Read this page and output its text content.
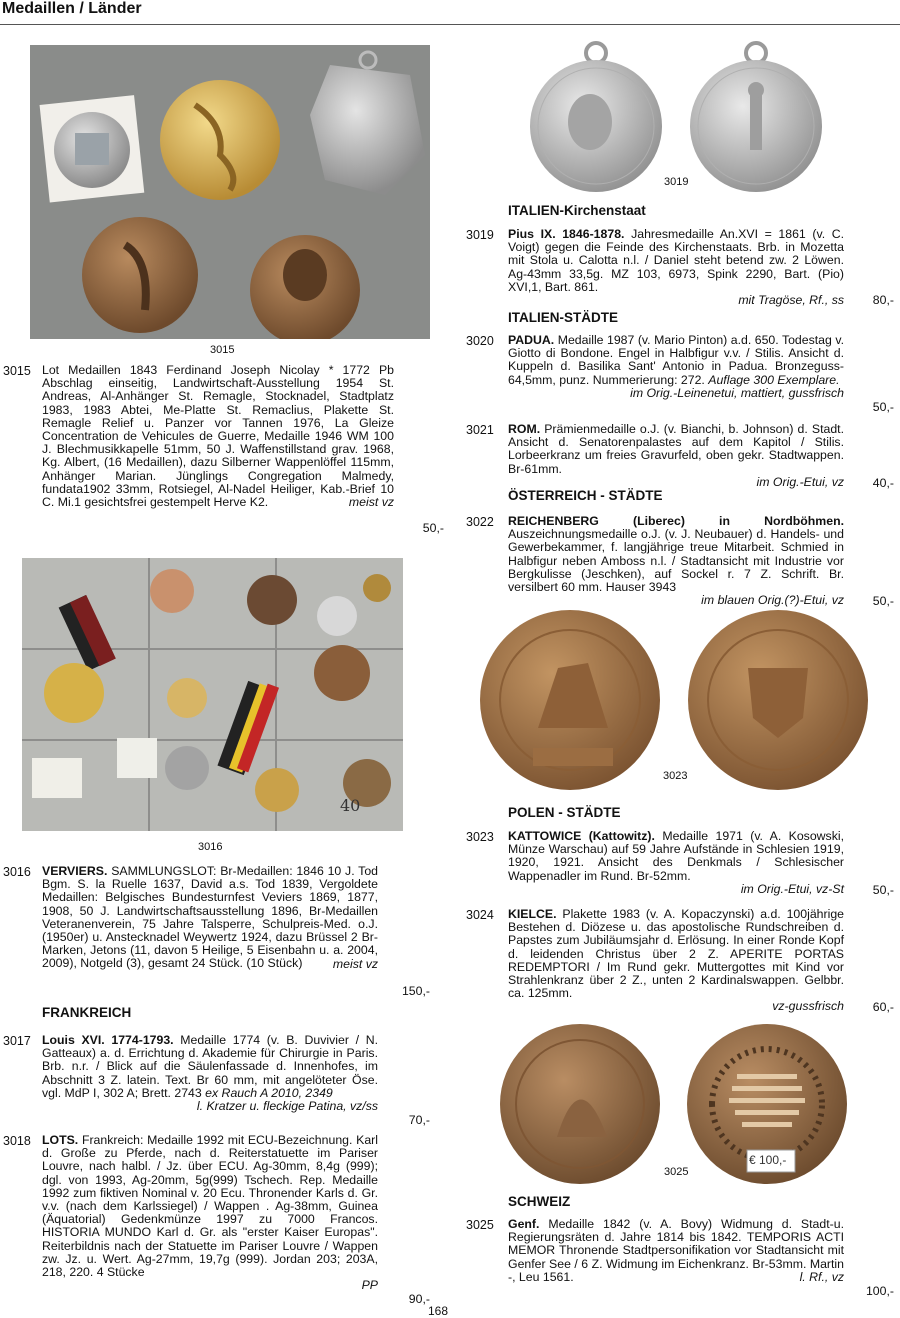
Medaillen / Länder
3015
3015 Lot Medaillen 1843 Ferdinand Joseph Nicolay * 1772 Pb Abschlag einseitig, Landwirtschaft-Ausstellung 1954 St. Andreas, Al-Anhänger St. Remagle, Stocknadel, Stadtplatz 1983, 1983 Abtei, Me-Platte St. Remaclius, Plakette St. Remagle Relief u. Panzer vor Tannen 1976, La Gleize Concentration de Vehicules de Guerre, Medaille 1946 WM 100 J. Blechmusikkapelle 51mm, 50 J. Waffenstillstand grav. 1968, Kg. Albert, (16 Medaillen), dazu Silberner Wappenlöffel 115mm, Anhänger Marian. Jünglings Congregation Malmedy, fundata1902 33mm, Rotsiegel, Al-Nadel Heiliger, Kab.-Brief 10 C. Mi.1 gesichtsfrei gestempelt Herve K2.	meist vz
50,-
40
3016
3016 VERVIERS. SAMMLUNGSLOT: Br-Medaillen: 1846 10 J. Tod Bgm. S. la Ruelle 1637, David a.s. Tod 1839, Vergoldete Medaillen: Belgisches Bundesturnfest Veviers 1869, 1877, 1908, 50 J. Landwirtschaftsausstellung 1896, Br-Medaillen Veteranenverein, 75 Jahre Talsperre, Schulpreis-Med. o.J. (1950er) u. Anstecknadel Weywertz 1924, dazu Brüssel 2 Br-Marken, Jetons (11, davon 5 Heilige, 5 Eisenbahn u. a. 2004, 2009), Notgeld (3), gesamt 24 Stück. (10 Stück) meist vz
150,-
FRANKREICH
3017 Louis XVI. 1774-1793. Medaille 1774 (v. B. Duvivier / N. Gatteaux) a. d. Errichtung d. Akademie für Chirurgie in Paris. Brb. n.r. / Blick auf die Säulenfassade d. Innenhofes, im Abschnitt 3 Z. latein. Text. Br 60 mm, mit angelöteter Öse. vgl. MdP I, 302 A; Brett. 2743 ex Rauch A 2010, 2349
l. Kratzer u. fleckige Patina, vz/ss
70,-
3018 LOTS. Frankreich: Medaille 1992 mit ECU-Bezeichnung. Karl d. Große zu Pferde, nach d. Reiterstatuette im Pariser Louvre, nach halbl. / Jz. über ECU. Ag-30mm, 8,4g (999); dgl. von 1993, Ag-20mm, 5g(999) Tschech. Rep. Medaille 1992 zum fiktiven Nominal v. 20 Ecu. Thronender Karls d. Gr. v.v. (nach dem Karlssiegel) / Wappen . Ag-38mm, Guinea (Äquatorial) Gedenkmünze 1997 zu 7000 Francos. HISTORIA MUNDO Karl d. Gr. als "erster Kaiser Europas". Reiterbildnis nach der Statuette im Pariser Louvre / Wappen zw. Jz. u. Wert. Ag-27mm, 19,7g (999). Jordan 203; 203A, 218, 220. 4 Stücke
PP
90,-
168
3019
ITALIEN-Kirchenstaat
3019 Pius IX. 1846-1878. Jahresmedaille An.XVI = 1861 (v. C. Voigt) gegen die Feinde des Kirchenstaats. Brb. in Mozetta mit Stola u. Calotta n.l. / Daniel steht betend zw. 2 Löwen. Ag-43mm 33,5g. MZ 103, 6973, Spink 2290, Bart. (Pio) XVI,1, Bart. 861.
mit Tragöse, Rf., ss	80,-
ITALIEN-STÄDTE
3020 PADUA. Medaille 1987 (v. Mario Pinton) a.d. 650. Todestag v. Giotto di Bondone. Engel in Halbfigur v.v. / Stilis. Ansicht d. Kuppeln d. Basilika Sant' Antonio in Padua. Bronzeguss-64,5mm, punz. Nummerierung: 272. Auflage 300 Exemplare.
im Orig.-Leinenetui, mattiert, gussfrisch
50,-
3021 ROM. Prämienmedaille o.J. (v. Bianchi, b. Johnson) d. Stadt. Ansicht d. Senatorenpalastes auf dem Kapitol / Stilis. Lorbeerkranz um freies Gravurfeld, oben gekr. Stadtwappen. Br-61mm.
im Orig.-Etui, vz	40,-
ÖSTERREICH - STÄDTE
3022 REICHENBERG (Liberec) in Nordböhmen. Auszeichnungsmedaille o.J. (v. J. Neubauer) d. Handels- und Gewerbekammer, f. langjährige treue Mitarbeit. Schmied in Halbfigur neben Amboss n.l. / Stadtansicht mit Industrie vor Bergkulisse (Jeschken), auf Sockel r. 7 Z. Schrift. Br. versilbert 60 mm. Hauser 3943
im blauen Orig.(?)-Etui, vz	50,-
3023
POLEN - STÄDTE
3023 KATTOWICE (Kattowitz). Medaille 1971 (v. A. Kosowski, Münze Warschau) auf 59 Jahre Aufstände in Schlesien 1919, 1920, 1921. Ansicht des Denkmals / Schlesischer Wappenadler im Rund. Br-52mm.
im Orig.-Etui, vz-St	50,-
3024 KIELCE. Plakette 1983 (v. A. Kopaczynski) a.d. 100jährige Bestehen d. Diözese u. das apostolische Rundschreiben d. Papstes zum Jubiläumsjahr d. Erlösung. In einer Ronde Kopf d. leidenden Christus über 2 Z. APERITE PORTAS REDEMPTORI / Im Rund gekr. Muttergottes mit Kind vor Strahlenkranz über 2 Z., unten 2 Kardinalswappen. Gelbbr. ca. 125mm.
vz-gussfrisch	60,-
€ 100,-
3025
SCHWEIZ
3025 Genf. Medaille 1842 (v. A. Bovy) Widmung d. Stadt-u. Regierungsräten d. Jahre 1814 bis 1842. TEMPORIS ACTI MEMOR Thronende Stadtpersonifikation vor Stadtansicht mit Genfer See / 6 Z. Widmung im Eichenkranz. Br-53mm. Martin -, Leu 1561.	l. Rf., vz
100,-
